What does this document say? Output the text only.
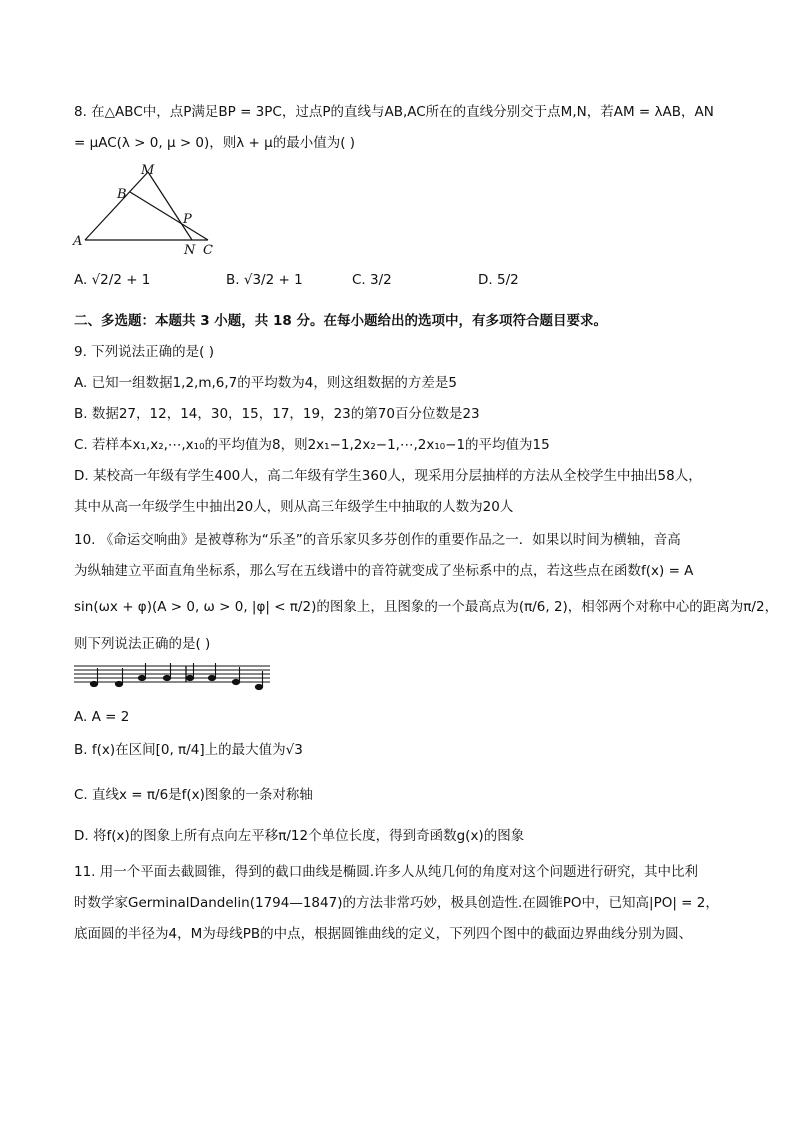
8. 在△ABC中，点P满足BP = 3PC，过点P的直线与AB,AC所在的直线分别交于点M,N，若AM = λAB，AN
= μAC(λ > 0, μ > 0)，则λ + μ的最小值为( )
M
B
P
A
N C
A. √2/2 + 1	B. √3/2 + 1	C. 3/2	D. 5/2
二、多选题：本题共 3 小题，共 18 分。在每小题给出的选项中，有多项符合题目要求。
9. 下列说法正确的是( )
A. 已知一组数据1,2,m,6,7的平均数为4，则这组数据的方差是5
B. 数据27，12，14，30，15，17，19，23的第70百分位数是23
C. 若样本x₁,x₂,⋯,x₁₀的平均值为8，则2x₁−1,2x₂−1,⋯,2x₁₀−1的平均值为15
D. 某校高一年级有学生400人，高二年级有学生360人，现采用分层抽样的方法从全校学生中抽出58人，
其中从高一年级学生中抽出20人，则从高三年级学生中抽取的人数为20人
10. 《命运交响曲》是被尊称为“乐圣”的音乐家贝多芬创作的重要作品之一．如果以时间为横轴，音高
为纵轴建立平面直角坐标系，那么写在五线谱中的音符就变成了坐标系中的点，若这些点在函数f(x) = A
sin(ωx + φ)(A > 0, ω > 0, |φ| < π/2)的图象上，且图象的一个最高点为(π/6, 2)，相邻两个对称中心的距离为π/2，
则下列说法正确的是( )
A. A = 2
B. f(x)在区间[0, π/4]上的最大值为√3
C. 直线x = π/6是f(x)图象的一条对称轴
D. 将f(x)的图象上所有点向左平移π/12个单位长度，得到奇函数g(x)的图象
11. 用一个平面去截圆锥，得到的截口曲线是椭圆.许多人从纯几何的角度对这个问题进行研究，其中比利
时数学家GerminalDandelin(1794—1847)的方法非常巧妙，极具创造性.在圆锥PO中，已知高|PO| = 2，
底面圆的半径为4，M为母线PB的中点，根据圆锥曲线的定义，下列四个图中的截面边界曲线分别为圆、
